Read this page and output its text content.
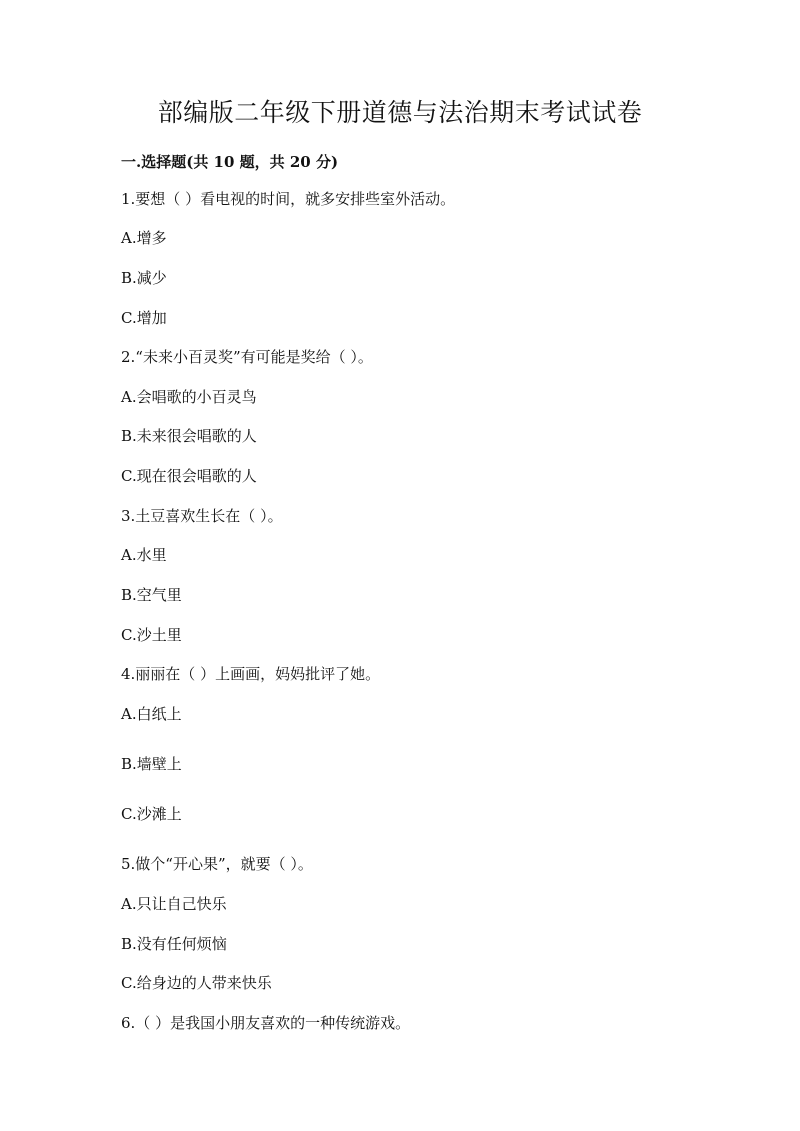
部编版二年级下册道德与法治期末考试试卷
一.选择题(共 10 题，共 20 分)
1.要想（ ）看电视的时间，就多安排些室外活动。
A.增多
B.减少
C.增加
2.“未来小百灵奖”有可能是奖给（ ）。
A.会唱歌的小百灵鸟
B.未来很会唱歌的人
C.现在很会唱歌的人
3.土豆喜欢生长在（ ）。
A.水里
B.空气里
C.沙土里
4.丽丽在（ ）上画画，妈妈批评了她。
A.白纸上
B.墙壁上
C.沙滩上
5.做个“开心果”，就要（ ）。
A.只让自己快乐
B.没有任何烦恼
C.给身边的人带来快乐
6.（ ）是我国小朋友喜欢的一种传统游戏。
